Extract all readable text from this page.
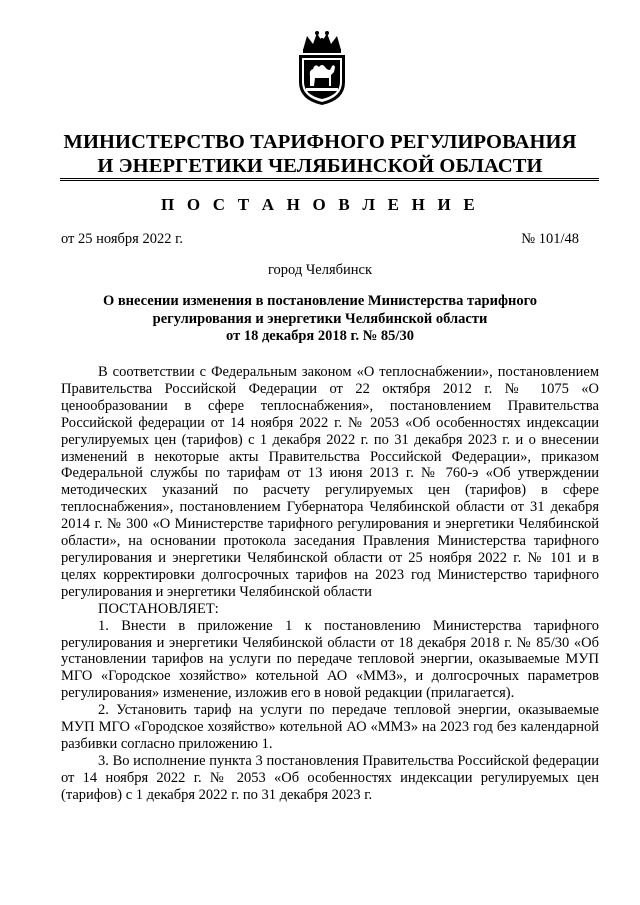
МИНИСТЕРСТВО ТАРИФНОГО РЕГУЛИРОВАНИЯ
И ЭНЕРГЕТИКИ ЧЕЛЯБИНСКОЙ ОБЛАСТИ
П О С Т А Н О В Л Е Н И Е
от 25 ноября 2022 г.	№ 101/48
город Челябинск
О внесении изменения в постановление Министерства тарифного
регулирования и энергетики Челябинской области
от 18 декабря 2018 г. № 85/30

В соответствии с Федеральным законом «О теплоснабжении», постановлением Правительства Российской Федерации от 22 октября 2012 г. № 1075 «О ценообразовании в сфере теплоснабжения», постановлением Правительства Российской федерации от 14 ноября 2022 г. № 2053 «Об особенностях индексации регулируемых цен (тарифов) с 1 декабря 2022 г. по 31 декабря 2023 г. и о внесении изменений в некоторые акты Правительства Российской Федерации», приказом Федеральной службы по тарифам от 13 июня 2013 г. № 760-э «Об утверждении методических указаний по расчету регулируемых цен (тарифов) в сфере теплоснабжения», постановлением Губернатора Челябинской области от 31 декабря 2014 г. № 300 «О Министерстве тарифного регулирования и энергетики Челябинской области», на основании протокола заседания Правления Министерства тарифного регулирования и энергетики Челябинской области от 25 ноября 2022 г. № 101 и в целях корректировки долгосрочных тарифов на 2023 год Министерство тарифного регулирования и энергетики Челябинской области

ПОСТАНОВЛЯЕТ:

1. Внести в приложение 1 к постановлению Министерства тарифного регулирования и энергетики Челябинской области от 18 декабря 2018 г. № 85/30 «Об установлении тарифов на услуги по передаче тепловой энергии, оказываемые МУП МГО «Городское хозяйство» котельной АО «ММЗ», и долгосрочных параметров регулирования» изменение, изложив его в новой редакции (прилагается).

2. Установить тариф на услуги по передаче тепловой энергии, оказываемые МУП МГО «Городское хозяйство» котельной АО «ММЗ» на 2023 год без календарной разбивки согласно приложению 1.

3. Во исполнение пункта 3 постановления Правительства Российской федерации от 14 ноября 2022 г. № 2053 «Об особенностях индексации регулируемых цен (тарифов) с 1 декабря 2022 г. по 31 декабря 2023 г.
